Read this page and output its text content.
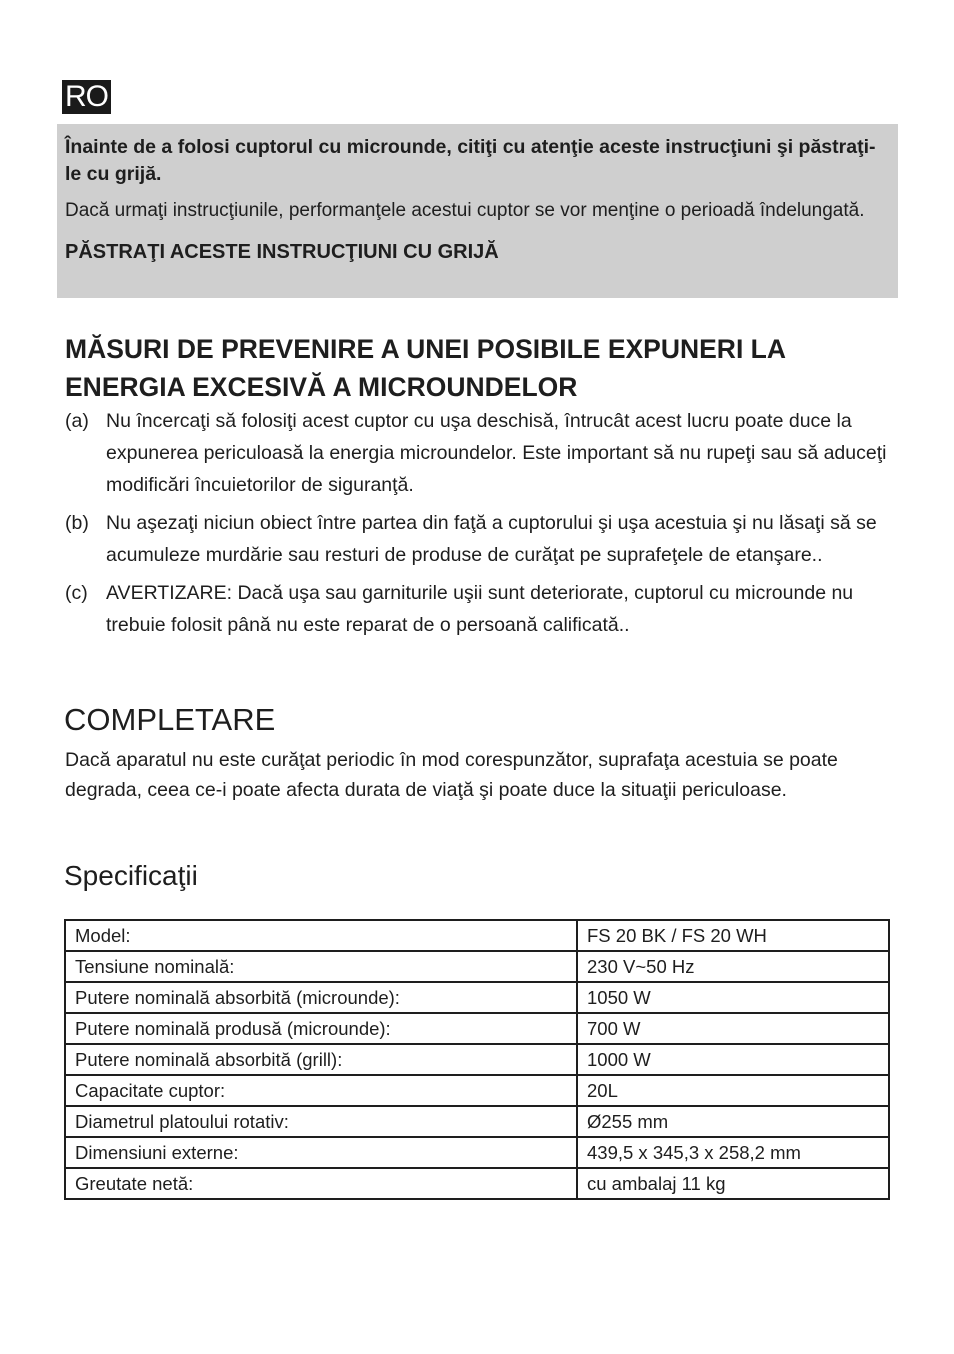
RO

Înainte de a folosi cuptorul cu microunde, citiţi cu atenţie aceste instrucţiuni şi păstraţi-le cu grijă.

Dacă urmaţi instrucţiunile, performanţele acestui cuptor se vor menţine o perioadă îndelungată.

PĂSTRAŢI ACESTE INSTRUCŢIUNI CU GRIJĂ

MĂSURI DE PREVENIRE A UNEI POSIBILE EXPUNERI LA ENERGIA EXCESIVĂ A MICROUNDELOR
(a) Nu încercaţi să folosiţi acest cuptor cu uşa deschisă, întrucât acest lucru poate duce la expunerea periculoasă la energia microundelor. Este important să nu rupeţi sau să aduceţi modificări încuietorilor de siguranţă.
(b) Nu aşezaţi niciun obiect între partea din faţă a cuptorului şi uşa acestuia şi nu lăsaţi să se acumuleze murdărie sau resturi de produse de curăţat pe suprafeţele de etanşare..
(c) AVERTIZARE: Dacă uşa sau garniturile uşii sunt deteriorate, cuptorul cu microunde nu trebuie folosit până nu este reparat de o persoană calificată..
COMPLETARE

Dacă aparatul nu este curăţat periodic în mod corespunzător, suprafaţa acestuia se poate degrada, ceea ce-i poate afecta durata de viaţă şi poate duce la situaţii periculoase.

Specificaţii
Model:	FS 20 BK / FS 20 WH
Tensiune nominală:	230 V~50 Hz
Putere nominală absorbită (microunde):	1050 W
Putere nominală produsă (microunde):	700 W
Putere nominală absorbită (grill):	1000 W
Capacitate cuptor:	20L
Diametrul platoului rotativ:	Ø255 mm
Dimensiuni externe:	439,5 x 345,3 x 258,2 mm
Greutate netă:	cu ambalaj 11 kg
